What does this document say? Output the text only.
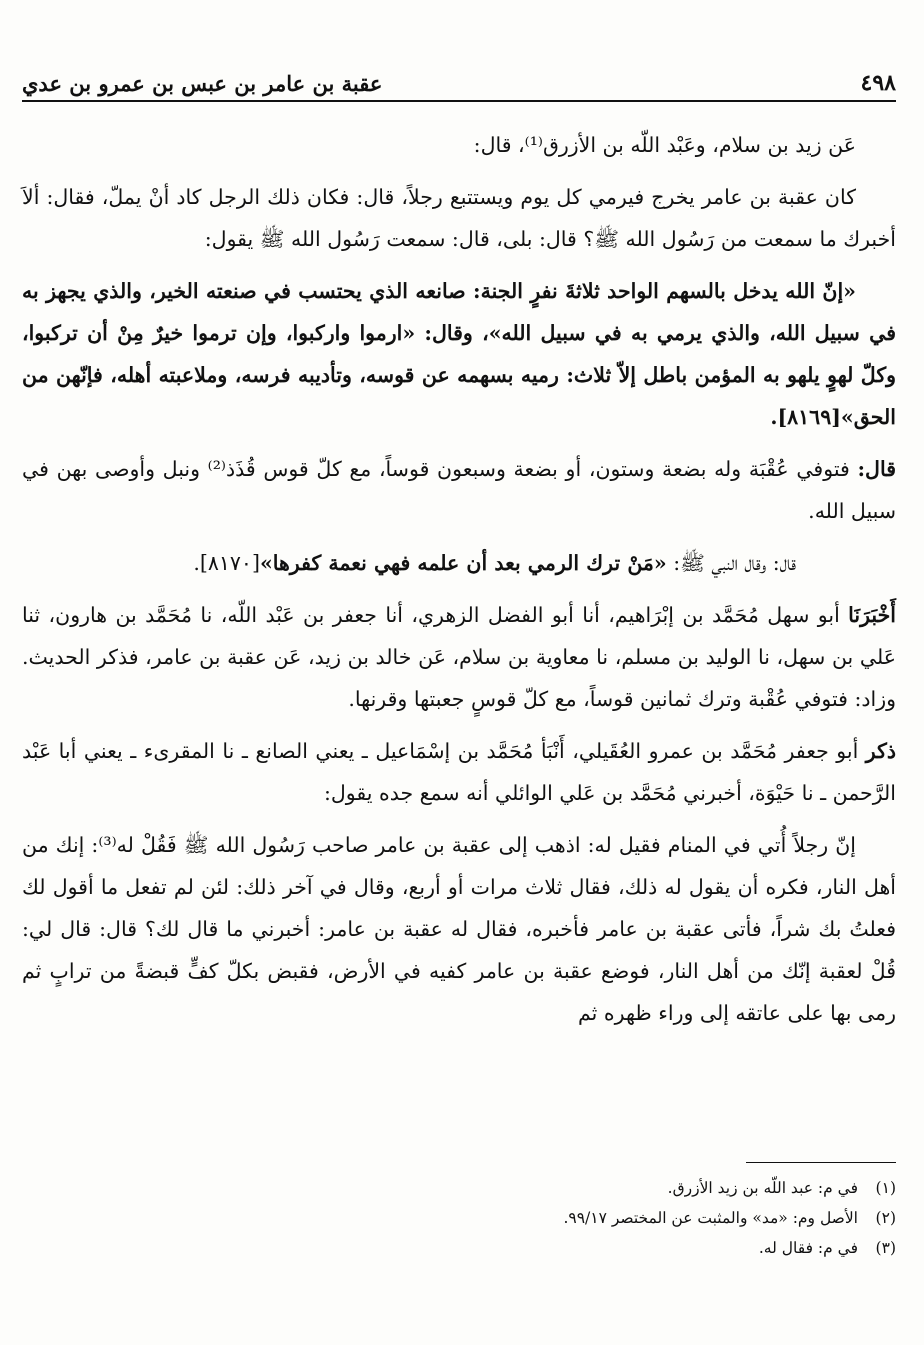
٤٩٨
عقبة بن عامر بن عبس بن عمرو بن عدي

عَن زيد بن سلام، وعَبْد اللّه بن الأزرق⁽¹⁾، قال:

كان عقبة بن عامر يخرج فيرمي كل يوم ويستتبع رجلاً، قال: فكان ذلك الرجل كاد أنْ يملّ، فقال: ألاَ أخبرك ما سمعت من رَسُول الله ﷺ؟ قال: بلى، قال: سمعت رَسُول الله ﷺ يقول:

«إنّ الله يدخل بالسهم الواحد ثلاثةَ نفرٍ الجنة: صانعه الذي يحتسب في صنعته الخير، والذي يجهز به في سبيل الله، والذي يرمي به في سبيل الله»، وقال: «ارموا واركبوا، وإن ترموا خيرٌ مِنْ أن تركبوا، وكلّ لهوٍ يلهو به المؤمن باطل إلاّ ثلاث: رميه بسهمه عن قوسه، وتأديبه فرسه، وملاعبته أهله، فإنّهن من الحق»[٨١٦٩].

قال: فتوفي عُقْبَة وله بضعة وستون، أو بضعة وسبعون قوساً، مع كلّ قوس قُذَذ⁽²⁾ ونبل وأوصى بهن في سبيل الله.

قال: وقال النبي ﷺ: «مَنْ ترك الرمي بعد أن علمه فهي نعمة كفرها»[٨١٧٠].

أَخْبَرَنَا أبو سهل مُحَمَّد بن إبْرَاهيم، أنا أبو الفضل الزهري، أنا جعفر بن عَبْد اللّه، نا مُحَمَّد بن هارون، ثنا عَلي بن سهل، نا الوليد بن مسلم، نا معاوية بن سلام، عَن خالد بن زيد، عَن عقبة بن عامر، فذكر الحديث. وزاد: فتوفي عُقْبة وترك ثمانين قوساً، مع كلّ قوسٍ جعبتها وقرنها.

ذكر أبو جعفر مُحَمَّد بن عمرو العُقَيلي، أَنْبَأ مُحَمَّد بن إسْمَاعيل ـ يعني الصانع ـ نا المقرىء ـ يعني أبا عَبْد الرَّحمن ـ نا حَيْوَة، أخبرني مُحَمَّد بن عَلي الوائلي أنه سمع جده يقول:

إنّ رجلاً أُتي في المنام فقيل له: اذهب إلى عقبة بن عامر صاحب رَسُول الله ﷺ فَقُلْ له⁽³⁾: إنك من أهل النار، فكره أن يقول له ذلك، فقال ثلاث مرات أو أربع، وقال في آخر ذلك: لئن لم تفعل ما أقول لك فعلتُ بك شراً، فأتى عقبة بن عامر فأخبره، فقال له عقبة بن عامر: أخبرني ما قال لك؟ قال: قال لي: قُلْ لعقبة إنّك من أهل النار، فوضع عقبة بن عامر كفيه في الأرض، فقبض بكلّ كفٍّ قبضةً من ترابٍ ثم رمى بها على عاتقه إلى وراء ظهره ثم

(١)في م: عبد اللّه بن زيد الأزرق.
(٢)الأصل وم: «مد» والمثبت عن المختصر ٩٩/١٧.
(٣)في م: فقال له.
